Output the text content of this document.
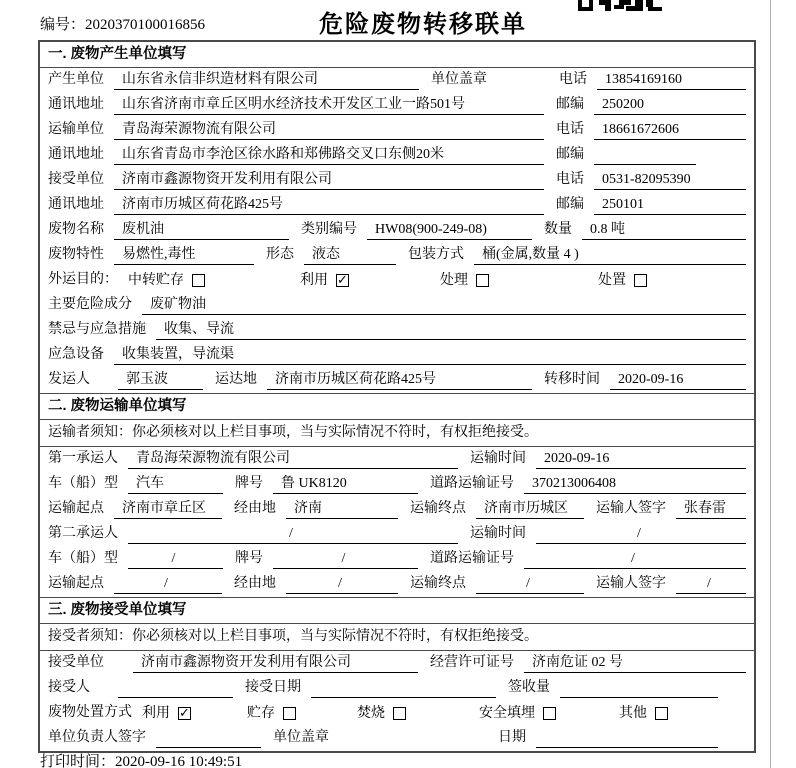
编号：2020370100016856	危险废物转移联单
一. 废物产生单位填写
产生单位	山东省永信非织造材料有限公司	单位盖章	电话	13854169160
通讯地址	山东省济南市章丘区明水经济技术开发区工业一路501号	邮编	250200
运输单位	青岛海荣源物流有限公司	电话	18661672606
通讯地址	山东省青岛市李沧区徐水路和郑佛路交叉口东侧20米	邮编
接受单位	济南市鑫源物资开发利用有限公司	电话	0531-82095390
通讯地址	济南市历城区荷花路425号	邮编	250101
废物名称	废机油	类别编号	HW08(900-249-08)	数量	0.8 吨
废物特性	易燃性,毒性	形态	液态	包装方式	桶(金属,数量 4 )
外运目的： 中转贮存	利用 ✓	处理	处置
主要危险成分	废矿物油
禁忌与应急措施	收集、导流
应急设备	收集装置，导流渠
发运人	郭玉波	运达地	济南市历城区荷花路425号	转移时间	2020-09-16
二. 废物运输单位填写
运输者须知：你必须核对以上栏目事项，当与实际情况不符时，有权拒绝接受。
第一承运人	青岛海荣源物流有限公司	运输时间	2020-09-16
车（船）型	汽车	牌号	鲁 UK8120	道路运输证号	370213006408
运输起点	济南市章丘区	经由地	济南	运输终点	济南市历城区	运输人签字	张春雷
第二承运人	/	运输时间	/
车（船）型	/	牌号	/	道路运输证号	/
运输起点	/	经由地	/	运输终点	/	运输人签字	/
三. 废物接受单位填写
接受者须知：你必须核对以上栏目事项，当与实际情况不符时，有权拒绝接受。
接受单位	济南市鑫源物资开发利用有限公司	经营许可证号	济南危证 02 号
接受人	接受日期	签收量
废物处置方式 利用 ✓	贮存	焚烧	安全填埋	其他
单位负责人签字	单位盖章	日期
打印时间：2020-09-16 10:49:51
